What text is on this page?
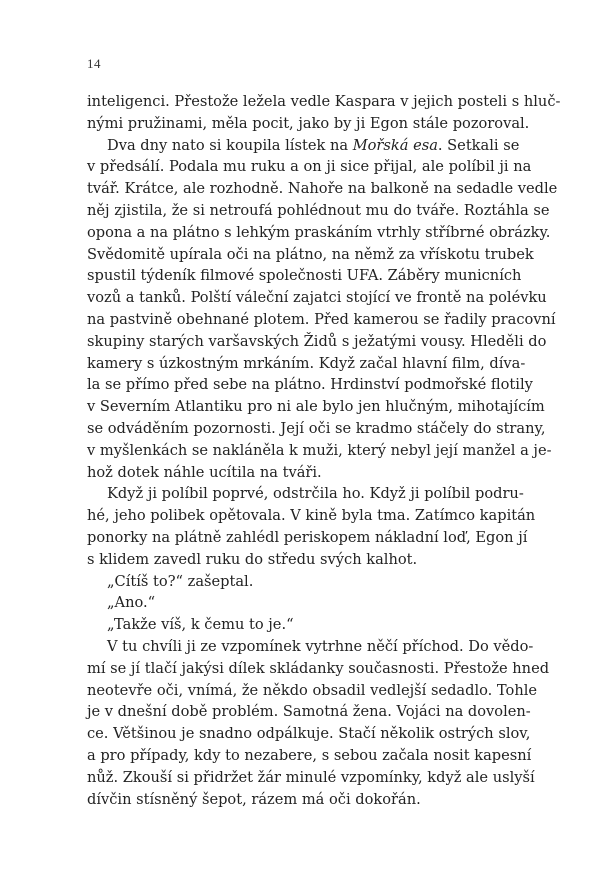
14
inteligenci. Přestože ležela vedle Kaspara v jejich posteli s hluč-
nými pružinami, měla pocit, jako by ji Egon stále pozoroval.
Dva dny nato si koupila lístek na Mořská esa. Setkali se
v předsálí. Podala mu ruku a on ji sice přijal, ale políbil ji na
tvář. Krátce, ale rozhodně. Nahoře na balkoně na sedadle vedle
něj zjistila, že si netroufá pohlédnout mu do tváře. Roztáhla se
opona a na plátno s lehkým praskáním vtrhly stříbrné obrázky.
Svědomitě upírala oči na plátno, na němž za vřískotu trubek
spustil týdeník filmové společnosti UFA. Záběry municních
vozů a tanků. Polští váleční zajatci stojící ve frontě na polévku
na pastvině obehnané plotem. Před kamerou se řadily pracovní
skupiny starých varšavských Židů s ježatými vousy. Hleděli do
kamery s úzkostným mrkáním. Když začal hlavní film, díva-
la se přímo před sebe na plátno. Hrdinství podmořské flotily
v Severním Atlantiku pro ni ale bylo jen hlučným, mihotajícím
se odváděním pozornosti. Její oči se kradmo stáčely do strany,
v myšlenkách se nakláněla k muži, který nebyl její manžel a je-
hož dotek náhle ucítila na tváři.
Když ji políbil poprvé, odstrčila ho. Když ji políbil podru-
hé, jeho polibek opětovala. V kině byla tma. Zatímco kapitán
ponorky na plátně zahlédl periskopem nákladní loď, Egon jí
s klidem zavedl ruku do středu svých kalhot.
„Cítíš to?“ zašeptal.
„Ano.“
„Takže víš, k čemu to je.“
V tu chvíli ji ze vzpomínek vytrhne něčí příchod. Do vědo-
mí se jí tlačí jakýsi dílek skládanky současnosti. Přestože hned
neotevře oči, vnímá, že někdo obsadil vedlejší sedadlo. Tohle
je v dnešní době problém. Samotná žena. Vojáci na dovolen-
ce. Většinou je snadno odpálkuje. Stačí několik ostrých slov,
a pro případy, kdy to nezabere, s sebou začala nosit kapesní
nůž. Zkouší si přidržet žár minulé vzpomínky, když ale uslyší
dívčin stísněný šepot, rázem má oči dokořán.
